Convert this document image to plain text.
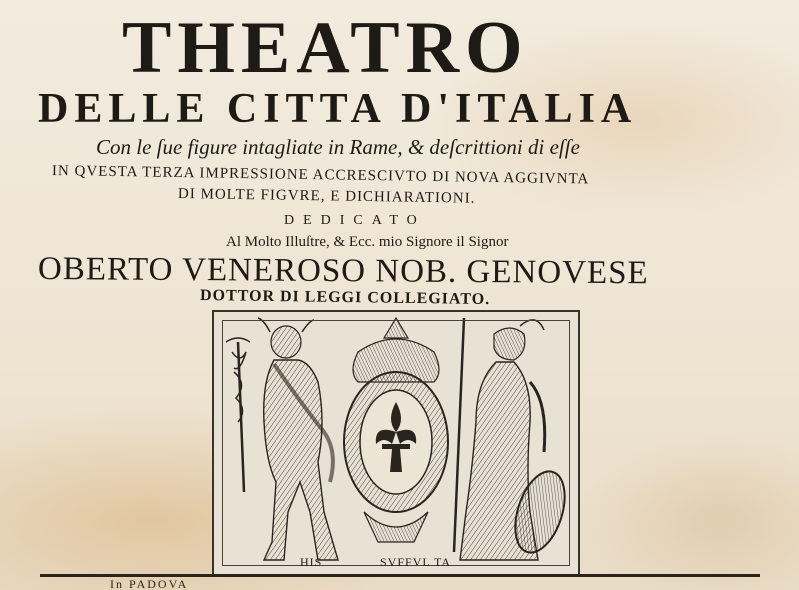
THEATRO
DELLE CITTA D'ITALIA
Con le ſue figure intagliate in Rame, & deſcrittioni di eſſe
IN QVESTA TERZA IMPRESSIONE ACCRESCIVTO DI NOVA AGGIVNTA
DI MOLTE FIGVRE, E DICHIARATIONI.
DEDICATO
Al Molto Illuſtre, & Ecc. mio Signore il Signor
OBERTO VENEROSO NOB. GENOVESE
DOTTOR DI LEGGI COLLEGIATO.
HIS	SVFFVL TA
In PADOVA
